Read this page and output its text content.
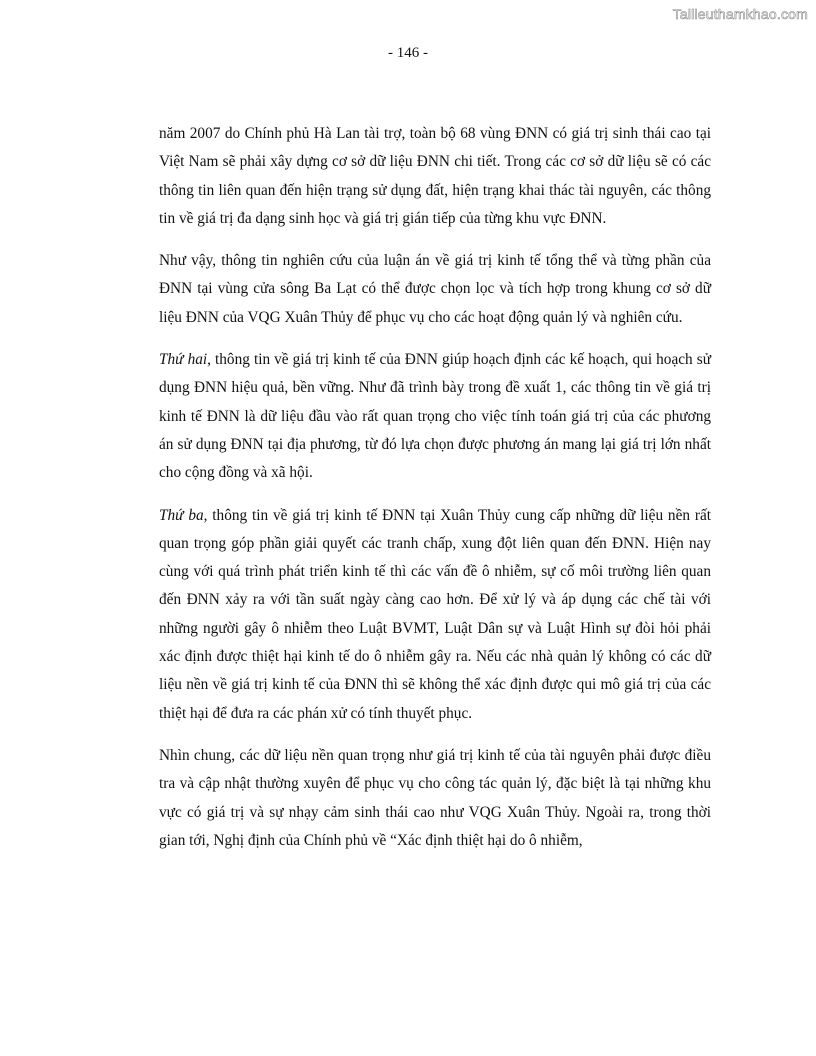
Tailieuthamkhao.com
- 146 -

năm 2007 do Chính phủ Hà Lan tài trợ, toàn bộ 68 vùng ĐNN có giá trị sinh thái cao tại Việt Nam sẽ phải xây dựng cơ sở dữ liệu ĐNN chi tiết. Trong các cơ sở dữ liệu sẽ có các thông tin liên quan đến hiện trạng sử dụng đất, hiện trạng khai thác tài nguyên, các thông tin về giá trị đa dạng sinh học và giá trị gián tiếp của từng khu vực ĐNN.

Như vậy, thông tin nghiên cứu của luận án về giá trị kinh tế tổng thể và từng phần của ĐNN tại vùng cửa sông Ba Lạt có thể được chọn lọc và tích hợp trong khung cơ sở dữ liệu ĐNN của VQG Xuân Thủy để phục vụ cho các hoạt động quản lý và nghiên cứu.

Thứ hai, thông tin về giá trị kinh tế của ĐNN giúp hoạch định các kế hoạch, qui hoạch sử dụng ĐNN hiệu quả, bền vững. Như đã trình bày trong đề xuất 1, các thông tin về giá trị kinh tế ĐNN là dữ liệu đầu vào rất quan trọng cho việc tính toán giá trị của các phương án sử dụng ĐNN tại địa phương, từ đó lựa chọn được phương án mang lại giá trị lớn nhất cho cộng đồng và xã hội.

Thứ ba, thông tin về giá trị kinh tế ĐNN tại Xuân Thủy cung cấp những dữ liệu nền rất quan trọng góp phần giải quyết các tranh chấp, xung đột liên quan đến ĐNN. Hiện nay cùng với quá trình phát triển kinh tế thì các vấn đề ô nhiễm, sự cố môi trường liên quan đến ĐNN xảy ra với tần suất ngày càng cao hơn. Để xử lý và áp dụng các chế tài với những người gây ô nhiễm theo Luật BVMT, Luật Dân sự và Luật Hình sự đòi hỏi phải xác định được thiệt hại kinh tế do ô nhiễm gây ra. Nếu các nhà quản lý không có các dữ liệu nền về giá trị kinh tế của ĐNN thì sẽ không thể xác định được qui mô giá trị của các thiệt hại để đưa ra các phán xử có tính thuyết phục.

Nhìn chung, các dữ liệu nền quan trọng như giá trị kinh tế của tài nguyên phải được điều tra và cập nhật thường xuyên để phục vụ cho công tác quản lý, đặc biệt là tại những khu vực có giá trị và sự nhạy cảm sinh thái cao như VQG Xuân Thủy. Ngoài ra, trong thời gian tới, Nghị định của Chính phủ về “Xác định thiệt hại do ô nhiễm,
